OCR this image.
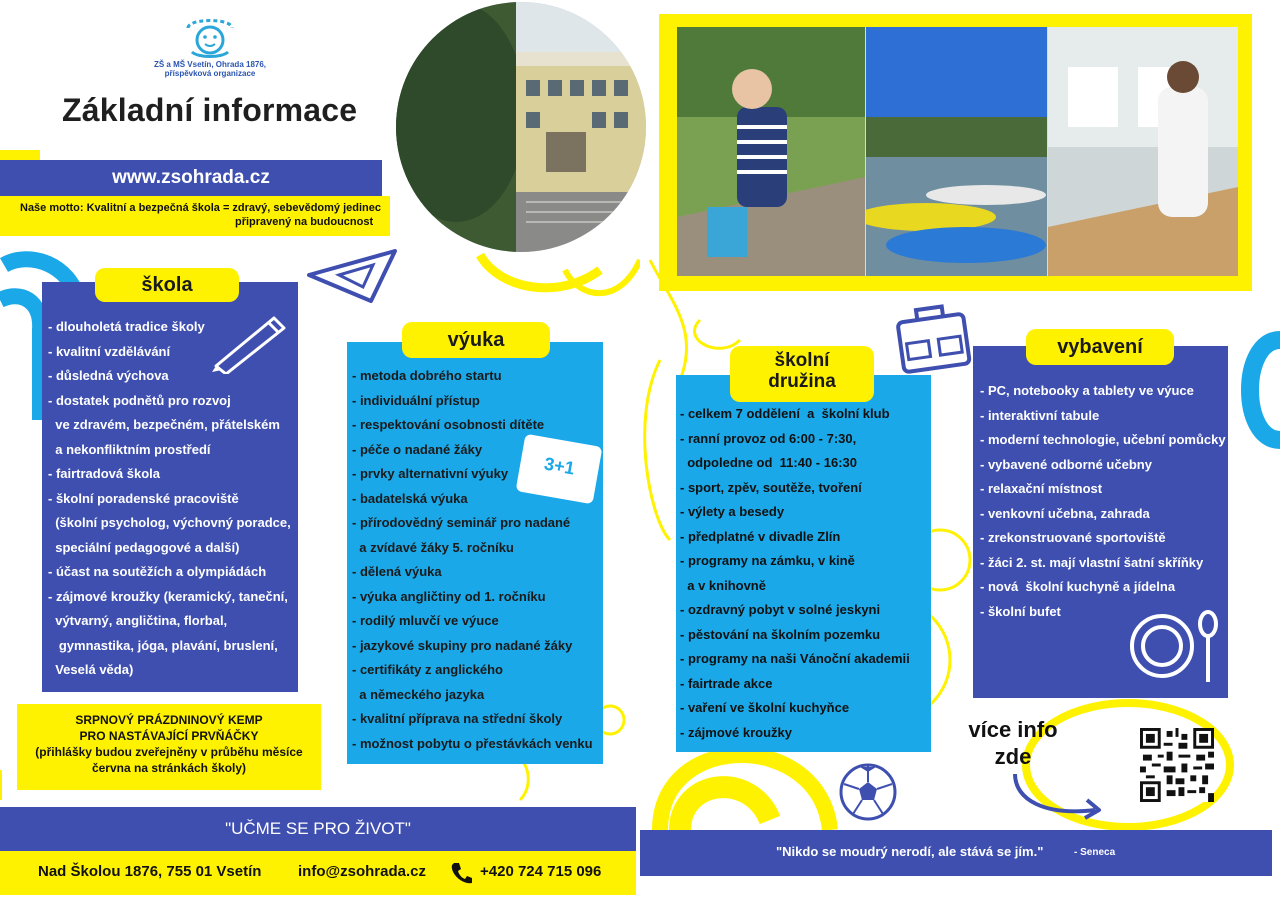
ZŠ a MŠ Vsetín, Ohrada 1876,
příspěvková organizace
Základní informace
www.zsohrada.cz
Naše motto: Kvalitní a bezpečná škola = zdravý, sebevědomý jedinec
připravený na budoucnost
škola
- dlouholetá tradice školy
- kvalitní vzdělávání
- důsledná výchova
- dostatek podnětů pro rozvoj
ve zdravém, bezpečném, přátelském
a nekonfliktním prostředí
- fairtradová škola
- školní poradenské pracoviště
(školní psycholog, výchovný poradce,
speciální pedagogové a další)
- účast na soutěžích a olympiádách
- zájmové kroužky (keramický, taneční,
výtvarný, angličtina, florbal,
gymnastika, jóga, plavání, bruslení,
Veselá věda)
výuka
- metoda dobrého startu
- individuální přístup
- respektování osobnosti dítěte
- péče o nadané žáky
- prvky alternativní výuky
- badatelská výuka
- přírodovědný seminář pro nadané
a zvídavé žáky 5. ročníku
- dělená výuka
- výuka angličtiny od 1. ročníku
- rodilý mluvčí ve výuce
- jazykové skupiny pro nadané žáky
- certifikáty z anglického
a německého jazyka
- kvalitní příprava na střední školy
- možnost pobytu o přestávkách venku
3+1
SRPNOVÝ PRÁZDNINOVÝ KEMP
PRO NASTÁVAJÍCÍ PRVŇÁČKY
(přihlášky budou zveřejněny v průběhu měsíce
června na stránkách školy)
"UČME SE PRO ŽIVOT"
Nad Školou 1876, 755 01 Vsetín info@zsohrada.cz	+420 724 715 096
školní
družina
- celkem 7 oddělení  a  školní klub
- ranní provoz od 6:00 - 7:30,
odpoledne od  11:40 - 16:30
- sport, zpěv, soutěže, tvoření
- výlety a besedy
- předplatné v divadle Zlín
- programy na zámku, v kině
a v knihovně
- ozdravný pobyt v solné jeskyni
- pěstování na školním pozemku
- programy na naši Vánoční akademii
- fairtrade akce
- vaření ve školní kuchyňce
- zájmové kroužky
vybavení
- PC, notebooky a tablety ve výuce
- interaktivní tabule
- moderní technologie, učební pomůcky
- vybavené odborné učebny
- relaxační místnost
- venkovní učebna, zahrada
- zrekonstruované sportoviště
- žáci 2. st. mají vlastní šatní skříňky
- nová  školní kuchyně a jídelna
- školní bufet
více info
zde
"Nikdo se moudrý nerodí, ale stává se jím."	- Seneca
